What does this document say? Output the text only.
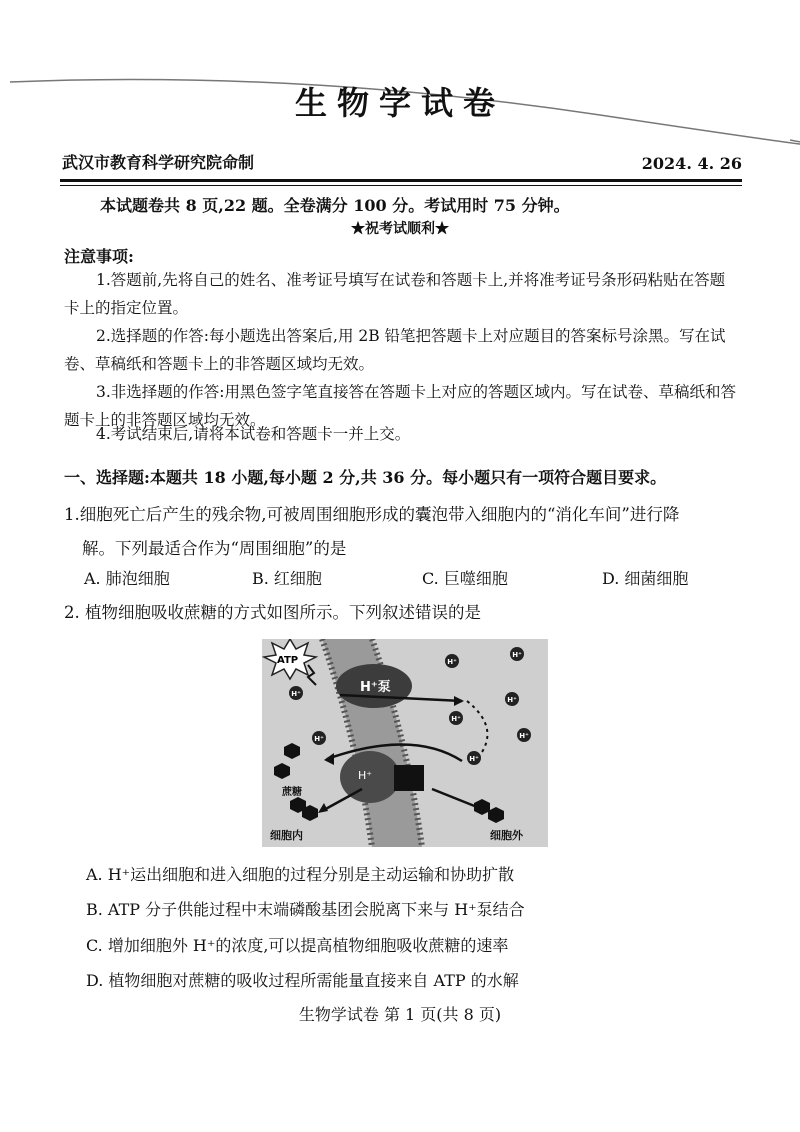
生物学试卷
武汉市教育科学研究院命制	2024. 4. 26
本试题卷共 8 页,22 题。全卷满分 100 分。考试用时 75 分钟。
★祝考试顺利★
注意事项:
1.答题前,先将自己的姓名、准考证号填写在试卷和答题卡上,并将准考证号条形码粘贴在答题卡上的指定位置。
2.选择题的作答:每小题选出答案后,用 2B 铅笔把答题卡上对应题目的答案标号涂黑。写在试卷、草稿纸和答题卡上的非答题区域均无效。
3.非选择题的作答:用黑色签字笔直接答在答题卡上对应的答题区域内。写在试卷、草稿纸和答题卡上的非答题区域均无效。
4.考试结束后,请将本试卷和答题卡一并上交。
一、选择题:本题共 18 小题,每小题 2 分,共 36 分。每小题只有一项符合题目要求。
1.细胞死亡后产生的残余物,可被周围细胞形成的囊泡带入细胞内的“消化车间”进行降
解。下列最适合作为“周围细胞”的是
A. 肺泡细胞	B. 红细胞	C. 巨噬细胞	D. 细菌细胞
2. 植物细胞吸收蔗糖的方式如图所示。下列叙述错误的是
H⁺泵
H⁺
ATP
H⁺
H⁺
H⁺
H⁺
H⁺
H⁺
H⁺
H⁺
蔗糖
细胞内	细胞外
A. H⁺运出细胞和进入细胞的过程分别是主动运输和协助扩散
B. ATP 分子供能过程中末端磷酸基团会脱离下来与 H⁺泵结合
C. 增加细胞外 H⁺的浓度,可以提高植物细胞吸收蔗糖的速率
D. 植物细胞对蔗糖的吸收过程所需能量直接来自 ATP 的水解
生物学试卷 第 1 页(共 8 页)
